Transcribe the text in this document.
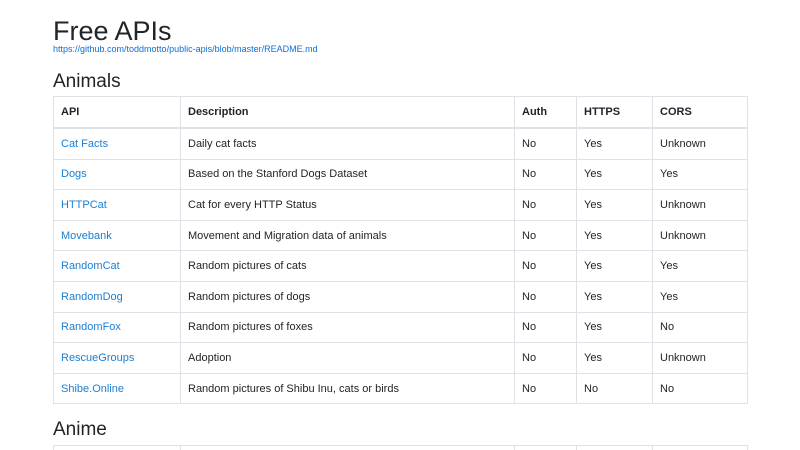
Free APIs
https://github.com/toddmotto/public-apis/blob/master/README.md
Animals
API	Description	Auth	HTTPS	CORS
Cat Facts	Daily cat facts	No	Yes	Unknown
Dogs	Based on the Stanford Dogs Dataset	No	Yes	Yes
HTTPCat	Cat for every HTTP Status	No	Yes	Unknown
Movebank	Movement and Migration data of animals	No	Yes	Unknown
RandomCat	Random pictures of cats	No	Yes	Yes
RandomDog	Random pictures of dogs	No	Yes	Yes
RandomFox	Random pictures of foxes	No	Yes	No
RescueGroups	Adoption	No	Yes	Unknown
Shibe.Online	Random pictures of Shibu Inu, cats or birds	No	No	No
Anime
